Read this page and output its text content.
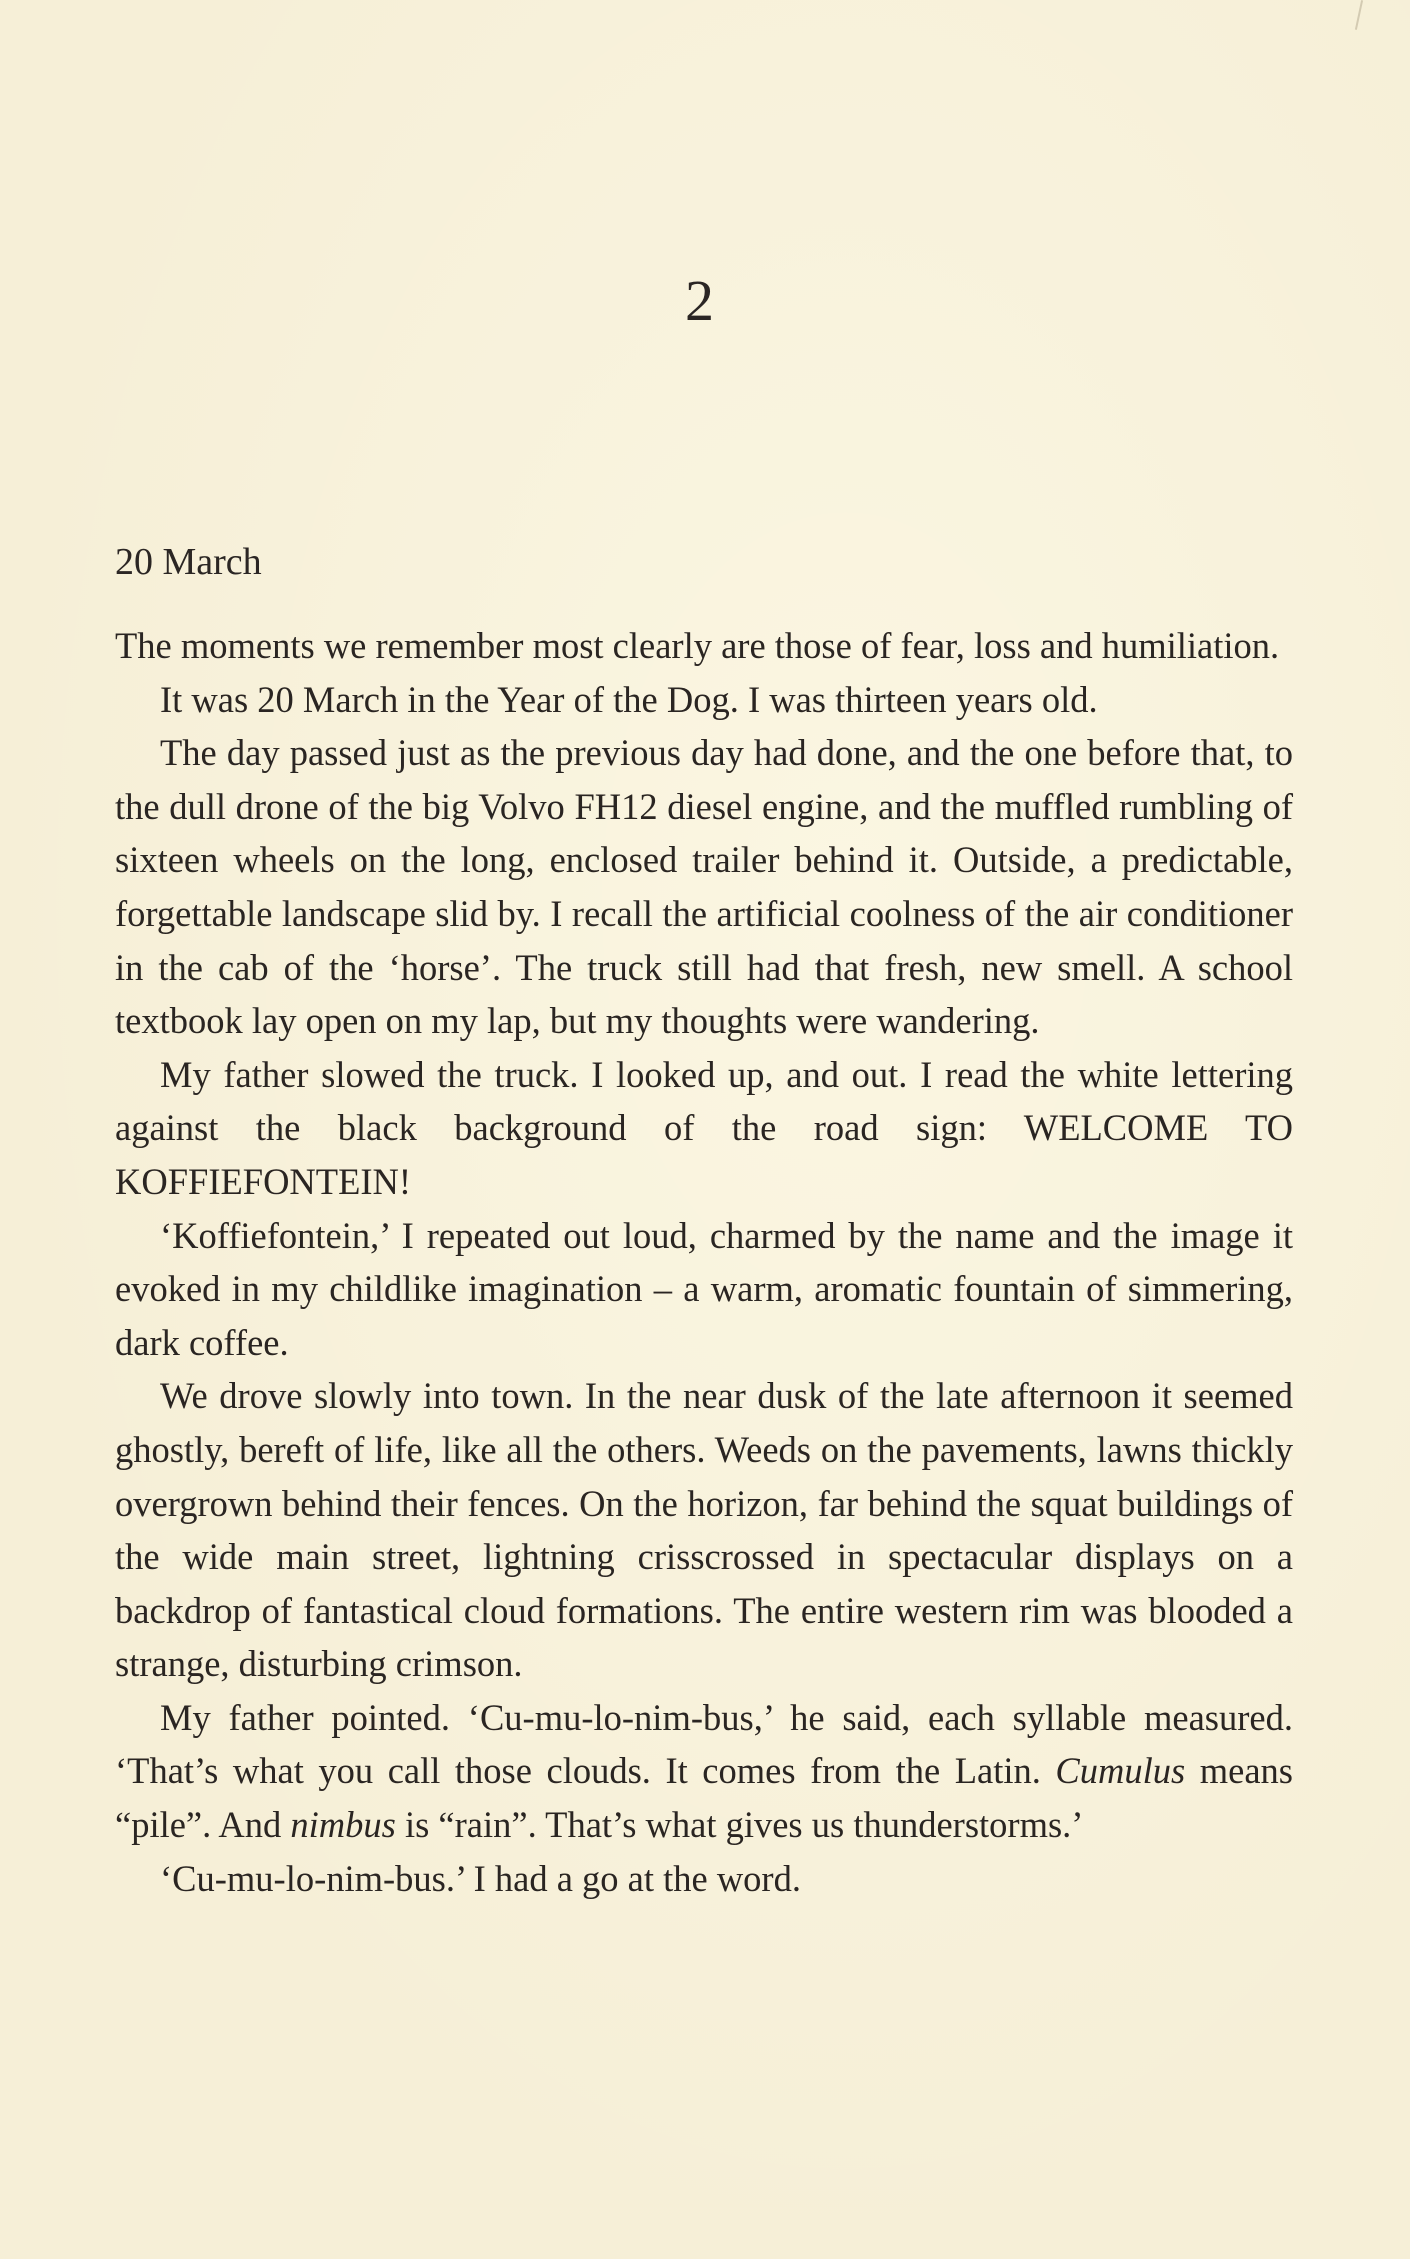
2
20 March

The moments we remember most clearly are those of fear, loss and humiliation.

It was 20 March in the Year of the Dog. I was thirteen years old.

The day passed just as the previous day had done, and the one before that, to the dull drone of the big Volvo FH12 diesel engine, and the muffled rumbling of sixteen wheels on the long, enclosed trailer behind it. Outside, a predictable, forgettable landscape slid by. I recall the artificial coolness of the air conditioner in the cab of the ‘horse’. The truck still had that fresh, new smell. A school textbook lay open on my lap, but my thoughts were wandering.

My father slowed the truck. I looked up, and out. I read the white lettering against the black background of the road sign: WELCOME TO KOFFIEFONTEIN!

‘Koffiefontein,’ I repeated out loud, charmed by the name and the image it evoked in my childlike imagination – a warm, aromatic fountain of simmering, dark coffee.

We drove slowly into town. In the near dusk of the late afternoon it seemed ghostly, bereft of life, like all the others. Weeds on the pavements, lawns thickly overgrown behind their fences. On the horizon, far behind the squat buildings of the wide main street, lightning crisscrossed in spectacular displays on a backdrop of fantastical cloud formations. The entire western rim was blooded a strange, disturbing crimson.

My father pointed. ‘Cu-mu-lo-nim-bus,’ he said, each syllable measured. ‘That’s what you call those clouds. It comes from the Latin. Cumulus means “pile”. And nimbus is “rain”. That’s what gives us thunderstorms.’

‘Cu-mu-lo-nim-bus.’ I had a go at the word.
